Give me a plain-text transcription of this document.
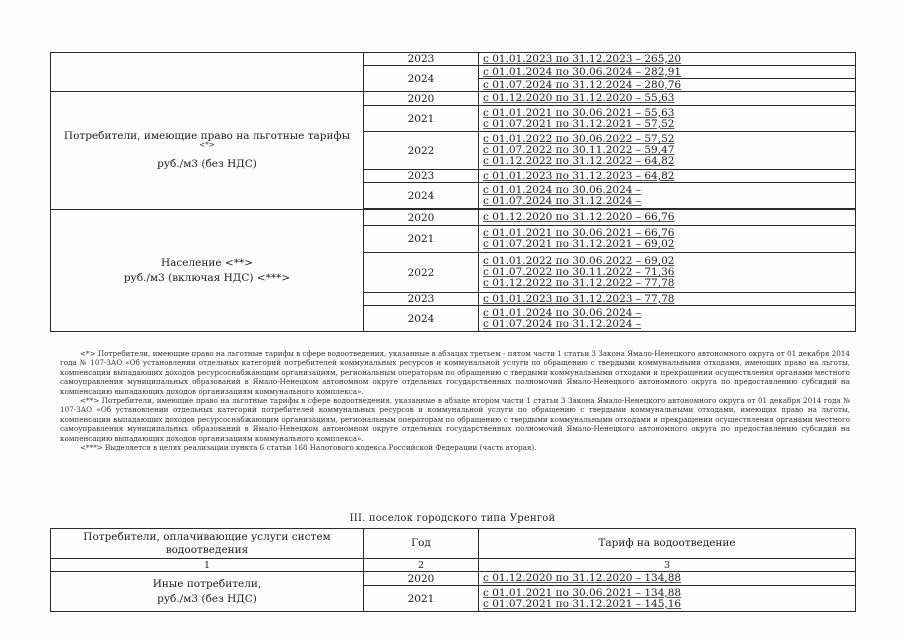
	2023	с 01.01.2023 по 31.12.2023 – 265,20

	2024	с 01.01.2024 по 30.06.2024 – 282,91

		с 01.07.2024 по 31.12.2024 – 280,76

Потребители, имеющие право на льготные тарифы
<*>
руб./м3 (без НДС)	2020	с 01.12.2020 по 31.12.2020 – 55,63

	2021	с 01.01.2021 по 30.06.2021 – 55,63
с 01.07.2021 по 31.12.2021 – 57,52

	2022	с 01.01.2022 по 30.06.2022 – 57,52
с 01.07.2022 по 30.11.2022 – 59,47
с 01.12.2022 по 31.12.2022 – 64,82

	2023	с 01.01.2023 по 31.12.2023 – 64,82

	2024	с 01.01.2024 по 30.06.2024 –
с 01.07.2024 по 31.12.2024 –

Население <**>
руб./м3 (включая НДС) <***>	2020	с 01.12.2020 по 31.12.2020 – 66,76

	2021	с 01.01.2021 по 30.06.2021 – 66,76
с 01.07.2021 по 31.12.2021 – 69,02

	2022	с 01.01.2022 по 30.06.2022 – 69,02
с 01.07.2022 по 30.11.2022 – 71,36
с 01.12.2022 по 31.12.2022 – 77,78

	2023	с 01.01.2023 по 31.12.2023 – 77,78

	2024	с 01.01.2024 по 30.06.2024 –
с 01.07.2024 по 31.12.2024 –

<*> Потребители, имеющие право на льготные тарифы в сфере водоотведения, указанные в абзацах третьем - пятом части 1 статьи 3 Закона Ямало-Ненецкого автономного округа от 01 декабря 2014 года № 107-ЗАО «Об установлении отдельных категорий потребителей коммунальных ресурсов и коммунальной услуги по обращению с твердыми коммунальными отходами, имеющих право на льготы, компенсации выпадающих доходов ресурсоснабжающим организациям, региональным операторам по обращению с твердыми коммунальными отходами и прекращении осуществления органами местного самоуправления муниципальных образований в Ямало-Ненецком автономном округе отдельных государственных полномочий Ямало-Ненецкого автономного округа по предоставлению субсидий на компенсацию выпадающих доходов организациям коммунального комплекса».

<**> Потребители, имеющие право на льготные тарифы в сфере водоотведения, указанные в абзаце втором части 1 статьи 3 Закона Ямало-Ненецкого автономного округа от 01 декабря 2014 года № 107-ЗАО «Об установлении отдельных категорий потребителей коммунальных ресурсов и коммунальной услуги по обращению с твердыми коммунальными отходами, имеющих право на льготы, компенсации выпадающих доходов ресурсоснабжающим организациям, региональным операторам по обращению с твердыми коммунальными отходами и прекращении осуществления органами местного самоуправления муниципальных образований в Ямало-Ненецком автономном округе отдельных государственных полномочий Ямало-Ненецкого автономного округа по предоставлению субсидий на компенсацию выпадающих доходов организациям коммунального комплекса».

<***> Выделяется в целях реализации пункта 6 статьи 168 Налогового кодекса Российской Федерации (часть вторая).

III. поселок городского типа Уренгой
Потребители, оплачивающие услуги систем водоотведения	Год	Тариф на водоотведение
1	2	3

Иные потребители,
руб./м3 (без НДС)	2020	с 01.12.2020 по 31.12.2020 – 134,88

	2021	с 01.01.2021 по 30.06.2021 – 134,88
с 01.07.2021 по 31.12.2021 – 145,16
